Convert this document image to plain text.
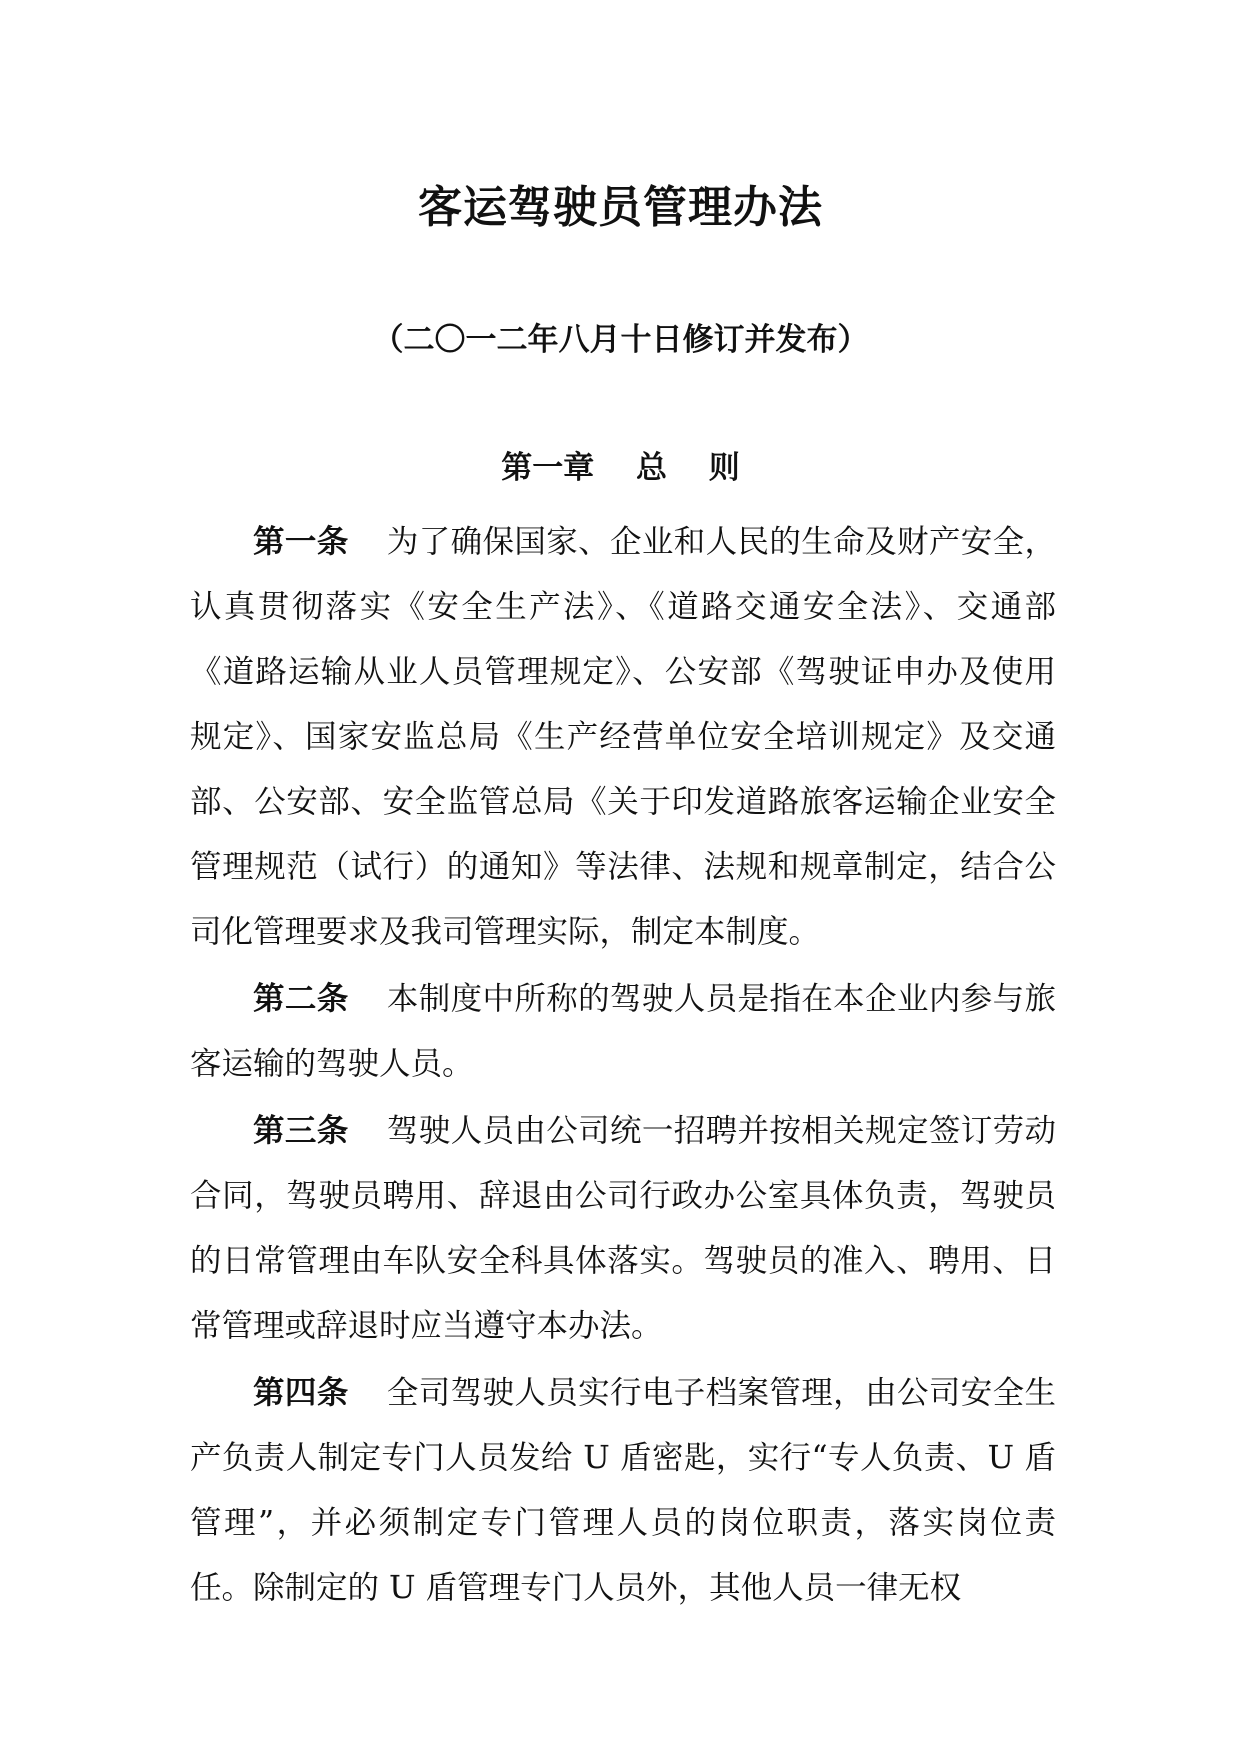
客运驾驶员管理办法
（二〇一二年八月十日修订并发布）
第一章　 总　 则

第一条 为了确保国家、企业和人民的生命及财产安全，认真贯彻落实《安全生产法》、《道路交通安全法》、交通部《道路运输从业人员管理规定》、公安部《驾驶证申办及使用规定》、国家安监总局《生产经营单位安全培训规定》及交通部、公安部、安全监管总局《关于印发道路旅客运输企业安全管理规范（试行）的通知》等法律、法规和规章制定，结合公司化管理要求及我司管理实际，制定本制度。

第二条 本制度中所称的驾驶人员是指在本企业内参与旅客运输的驾驶人员。

第三条 驾驶人员由公司统一招聘并按相关规定签订劳动合同，驾驶员聘用、辞退由公司行政办公室具体负责，驾驶员的日常管理由车队安全科具体落实。驾驶员的准入、聘用、日常管理或辞退时应当遵守本办法。

第四条 全司驾驶人员实行电子档案管理，由公司安全生产负责人制定专门人员发给 U 盾密匙，实行“专人负责、U 盾管理”，并必须制定专门管理人员的岗位职责，落实岗位责任。除制定的 U 盾管理专门人员外，其他人员一律无权
